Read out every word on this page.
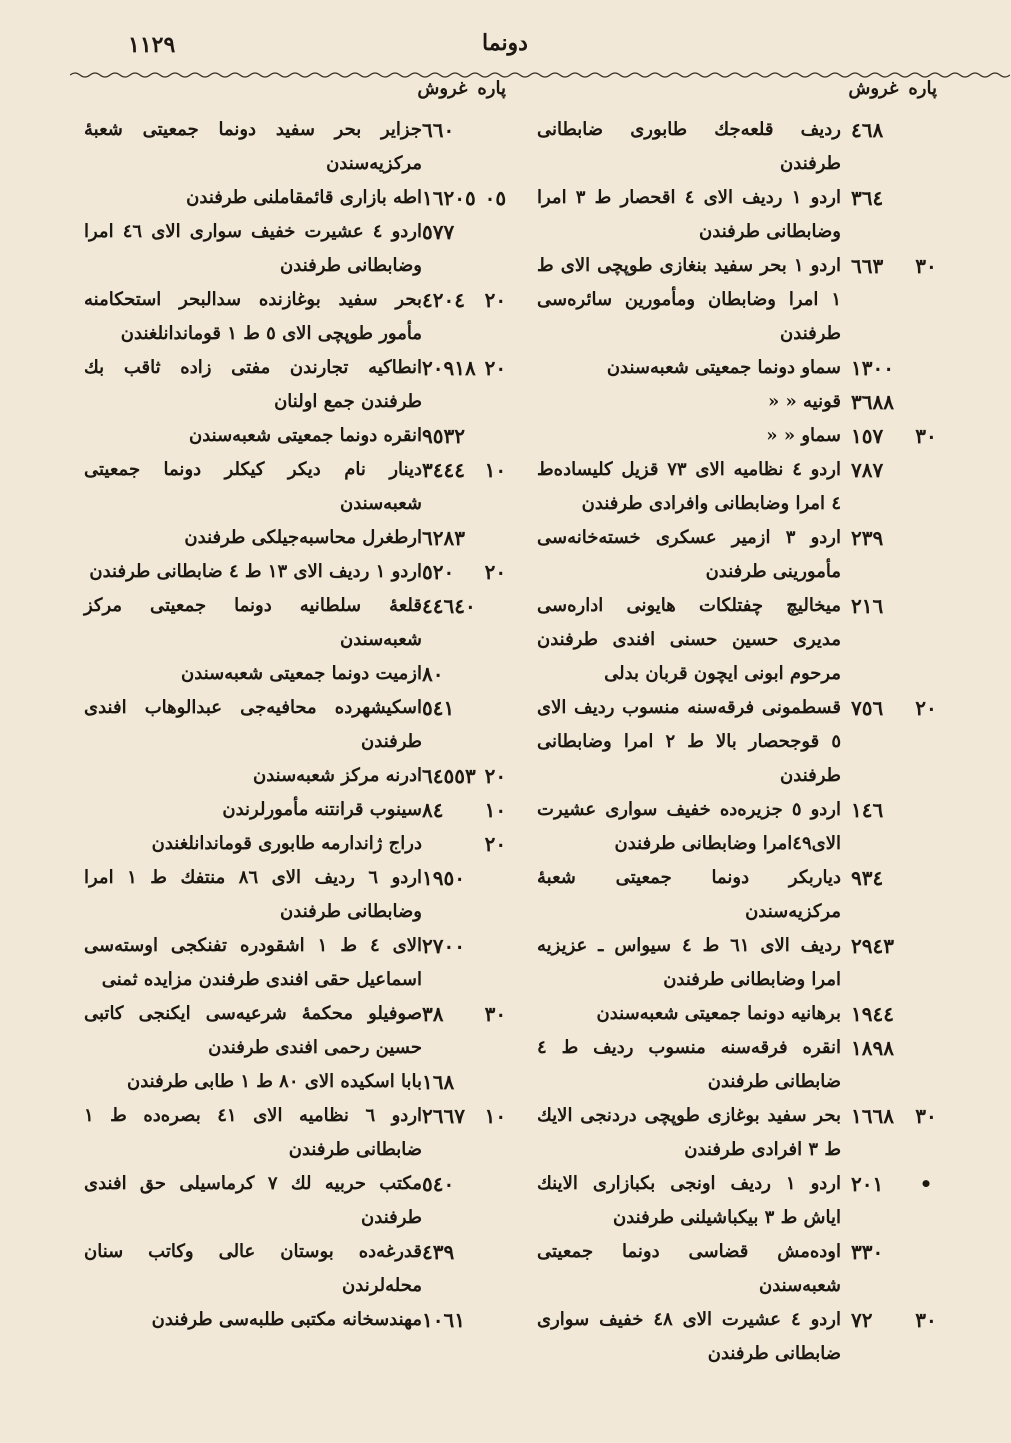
١١٢٩	دونما
پاره
غروش
٤٦٨
رديف قلعه‌جك طابورى ضابطانى طرفندن
٣٦٤
اردو ١ رديف الاى ٤ اقحصار ط ٣ امرا وضابطانى طرفندن
٣٠
٦٦٣
اردو ١ بحر سفيد بنغازى طوپچى الاى ط ١ امرا وضابطان ومأمورين سائره‌سى طرفندن
١٣٠٠
سماو دونما جمعيتى شعبه‌سندن
٣٦٨٨
قونيه « «
٣٠
١٥٧
سماو « «
٧٨٧
اردو ٤ نظاميه الاى ٧٣ قزيل كليساده‌ط ٤ امرا وضابطانى وافرادى طرفندن
٢٣٩
اردو ٣ ازمير عسكرى خسته‌خانه‌سى مأمورينى طرفندن
٢١٦
ميخاليچ چفتلكات هايونى اداره‌سى مديرى حسين حسنى افندى طرفندن مرحوم ابونى ايچون قربان بدلى
٢٠
٧٥٦
قسطمونى فرقه‌سنه منسوب رديف الاى ٥ قوجحصار بالا ط ٢ امرا وضابطانى طرفندن
١٤٦
اردو ٥ جزيره‌ده خفيف سوارى عشيرت الاى٤٩امرا وضابطانى طرفندن
٩٣٤
دياربكر دونما جمعيتى شعبهٔ مركزيه‌سندن
٢٩٤٣
رديف الاى ٦١ ط ٤ سيواس ـ عزيزيه امرا وضابطانى طرفندن
١٩٤٤
برهانيه دونما جمعيتى شعبه‌سندن
١٨٩٨
انقره فرقه‌سنه منسوب رديف ط ٤ ضابطانى طرفندن
٣٠
١٦٦٨
بحر سفيد بوغازى طوپچى دردنجى الايك ط ٣ افرادى طرفندن
•
٢٠١
اردو ١ رديف اونجى بكبازارى الاينك اياش ط ٣ بيكباشيلنى طرفندن
٣٣٠
اوده‌مش قضاسى دونما جمعيتى شعبه‌سندن
٣٠
٧٢
اردو ٤ عشيرت الاى ٤٨ خفيف سوارى ضابطانى طرفندن
پاره
غروش
٦٦٠
جزاير بحر سفيد دونما جمعيتى شعبهٔ مركزيه‌سندن
٠٥
١٦٢٠٥
اطه بازارى قائمقاملنى طرفندن
٥٧٧
اردو ٤ عشيرت خفيف سوارى الاى ٤٦ امرا وضابطانى طرفندن
٢٠
٤٢٠٤
بحر سفيد بوغازنده سدالبحر استحكامنه مأمور طوپچى الاى ٥ ط ١ قوماندانلغندن
٢٠
٢٠٩١٨
انطاكيه تجارندن مفتى زاده ثاقب بك طرفندن جمع اولنان
٩٥٣٢
انقره دونما جمعيتى شعبه‌سندن
١٠
٣٤٤٤
دينار نام ديكر كيكلر دونما جمعيتى شعبه‌سندن
٦٢٨٣
ارطغرل محاسبه‌جيلكى طرفندن
٢٠
٥٢٠
اردو ١ رديف الاى ١٣ ط ٤ ضابطانى طرفندن
٤٤٦٤٠
قلعهٔ سلطانيه دونما جمعيتى مركز شعبه‌سندن
٨٠
ازميت دونما جمعيتى شعبه‌سندن
٥٤١
اسكيشهرده محافيه‌جى عبدالوهاب افندى طرفندن
٢٠
٦٤٥٥٣
ادرنه مركز شعبه‌سندن
١٠
٨٤
سينوب قرانتنه مأمورلرندن
٢٠
دراج ژاندارمه طابورى قوماندانلغندن
١٩٥٠
اردو ٦ رديف الاى ٨٦ منتفك ط ١ امرا وضابطانى طرفندن
٢٧٠٠
الاى ٤ ط ١ اشقودره تفنكجى اوسته‌سى اسماعيل حقى افندى طرفندن مزايده ثمنى
٣٠
٣٨
صوفيلو محكمهٔ شرعيه‌سى ايكنجى كاتبى حسين رحمى افندى طرفندن
١٦٨
بابا اسكيده الاى ٨٠ ط ١ طابى طرفندن
١٠
٢٦٦٧
اردو ٦ نظاميه الاى ٤١ بصره‌ده ط ١ ضابطانى طرفندن
٥٤٠
مكتب حربيه لك ٧ كرماسيلى حق افندى طرفندن
٤٣٩
قدرغه‌ده بوستان عالى وكاتب سنان محله‌لرندن
١٠٦١
مهندسخانه مكتبى طلبه‌سى طرفندن
